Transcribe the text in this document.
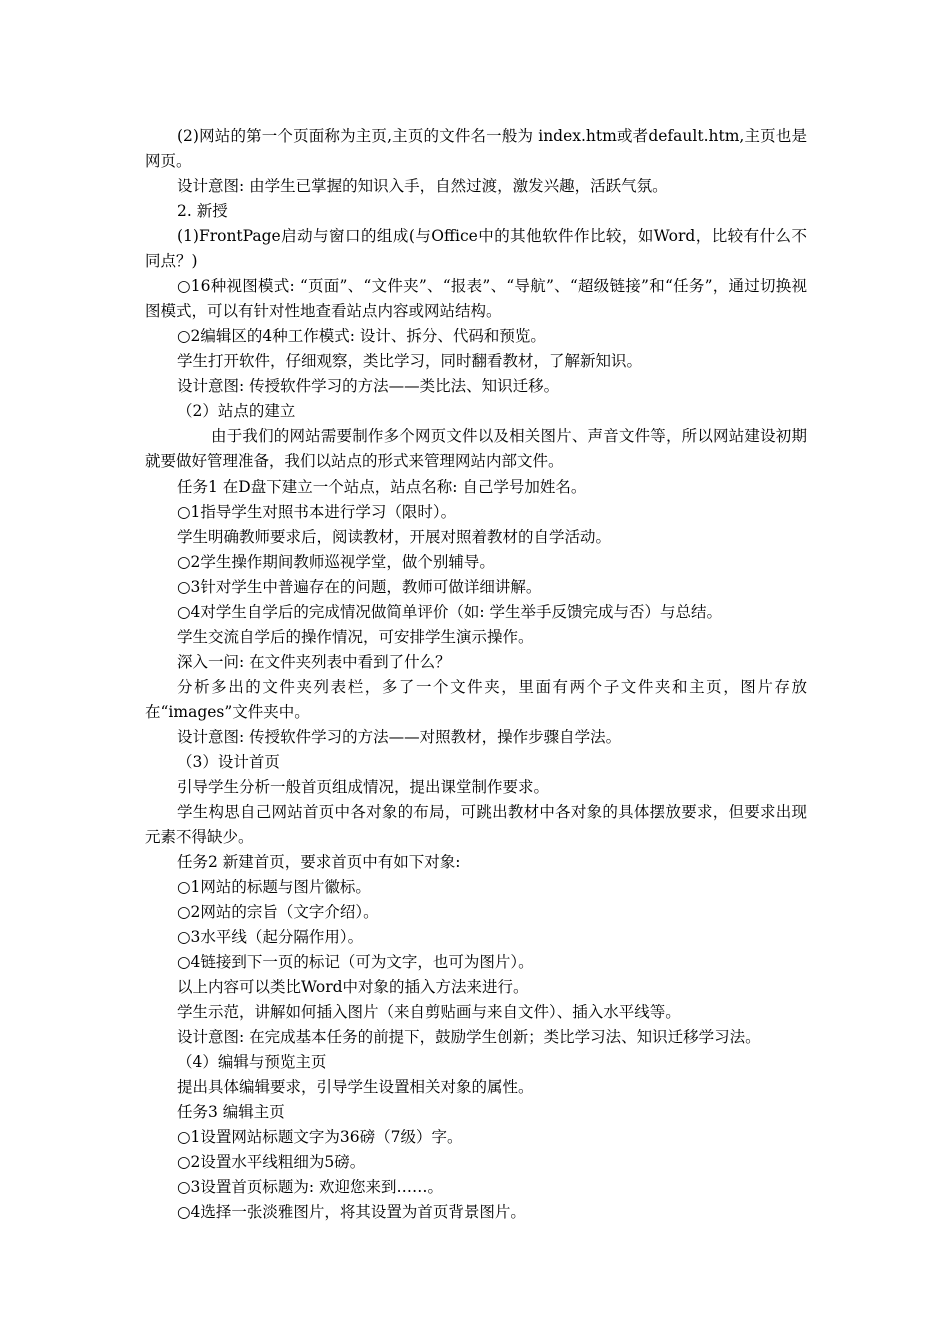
(2)网站的第一个页面称为主页,主页的文件名一般为 index.htm或者default.htm,主页也是网页。

设计意图: 由学生已掌握的知识入手，自然过渡，激发兴趣，活跃气氛。

2. 新授

(1)FrontPage启动与窗口的组成(与Office中的其他软件作比较，如Word，比较有什么不同点？)

○16种视图模式: “页面”、“文件夹”、“报表”、“导航”、“超级链接”和“任务”，通过切换视图模式，可以有针对性地查看站点内容或网站结构。

○2编辑区的4种工作模式: 设计、拆分、代码和预览。

学生打开软件，仔细观察，类比学习，同时翻看教材，了解新知识。

设计意图: 传授软件学习的方法——类比法、知识迁移。

（2）站点的建立

由于我们的网站需要制作多个网页文件以及相关图片、声音文件等，所以网站建设初期就要做好管理准备，我们以站点的形式来管理网站内部文件。

任务1 在D盘下建立一个站点，站点名称: 自己学号加姓名。

○1指导学生对照书本进行学习（限时）。

学生明确教师要求后，阅读教材，开展对照着教材的自学活动。

○2学生操作期间教师巡视学堂，做个别辅导。

○3针对学生中普遍存在的问题，教师可做详细讲解。

○4对学生自学后的完成情况做简单评价（如: 学生举手反馈完成与否）与总结。

学生交流自学后的操作情况，可安排学生演示操作。

深入一问: 在文件夹列表中看到了什么？

分析多出的文件夹列表栏，多了一个文件夹，里面有两个子文件夹和主页，图片存放在“images”文件夹中。

设计意图: 传授软件学习的方法——对照教材，操作步骤自学法。

（3）设计首页

引导学生分析一般首页组成情况，提出课堂制作要求。

学生构思自己网站首页中各对象的布局，可跳出教材中各对象的具体摆放要求，但要求出现元素不得缺少。

任务2 新建首页，要求首页中有如下对象:

○1网站的标题与图片徽标。

○2网站的宗旨（文字介绍）。

○3水平线（起分隔作用）。

○4链接到下一页的标记（可为文字，也可为图片）。

以上内容可以类比Word中对象的插入方法来进行。

学生示范，讲解如何插入图片（来自剪贴画与来自文件）、插入水平线等。

设计意图: 在完成基本任务的前提下，鼓励学生创新；类比学习法、知识迁移学习法。

（4）编辑与预览主页

提出具体编辑要求，引导学生设置相关对象的属性。

任务3 编辑主页

○1设置网站标题文字为36磅（7级）字。

○2设置水平线粗细为5磅。

○3设置首页标题为: 欢迎您来到……。

○4选择一张淡雅图片，将其设置为首页背景图片。
